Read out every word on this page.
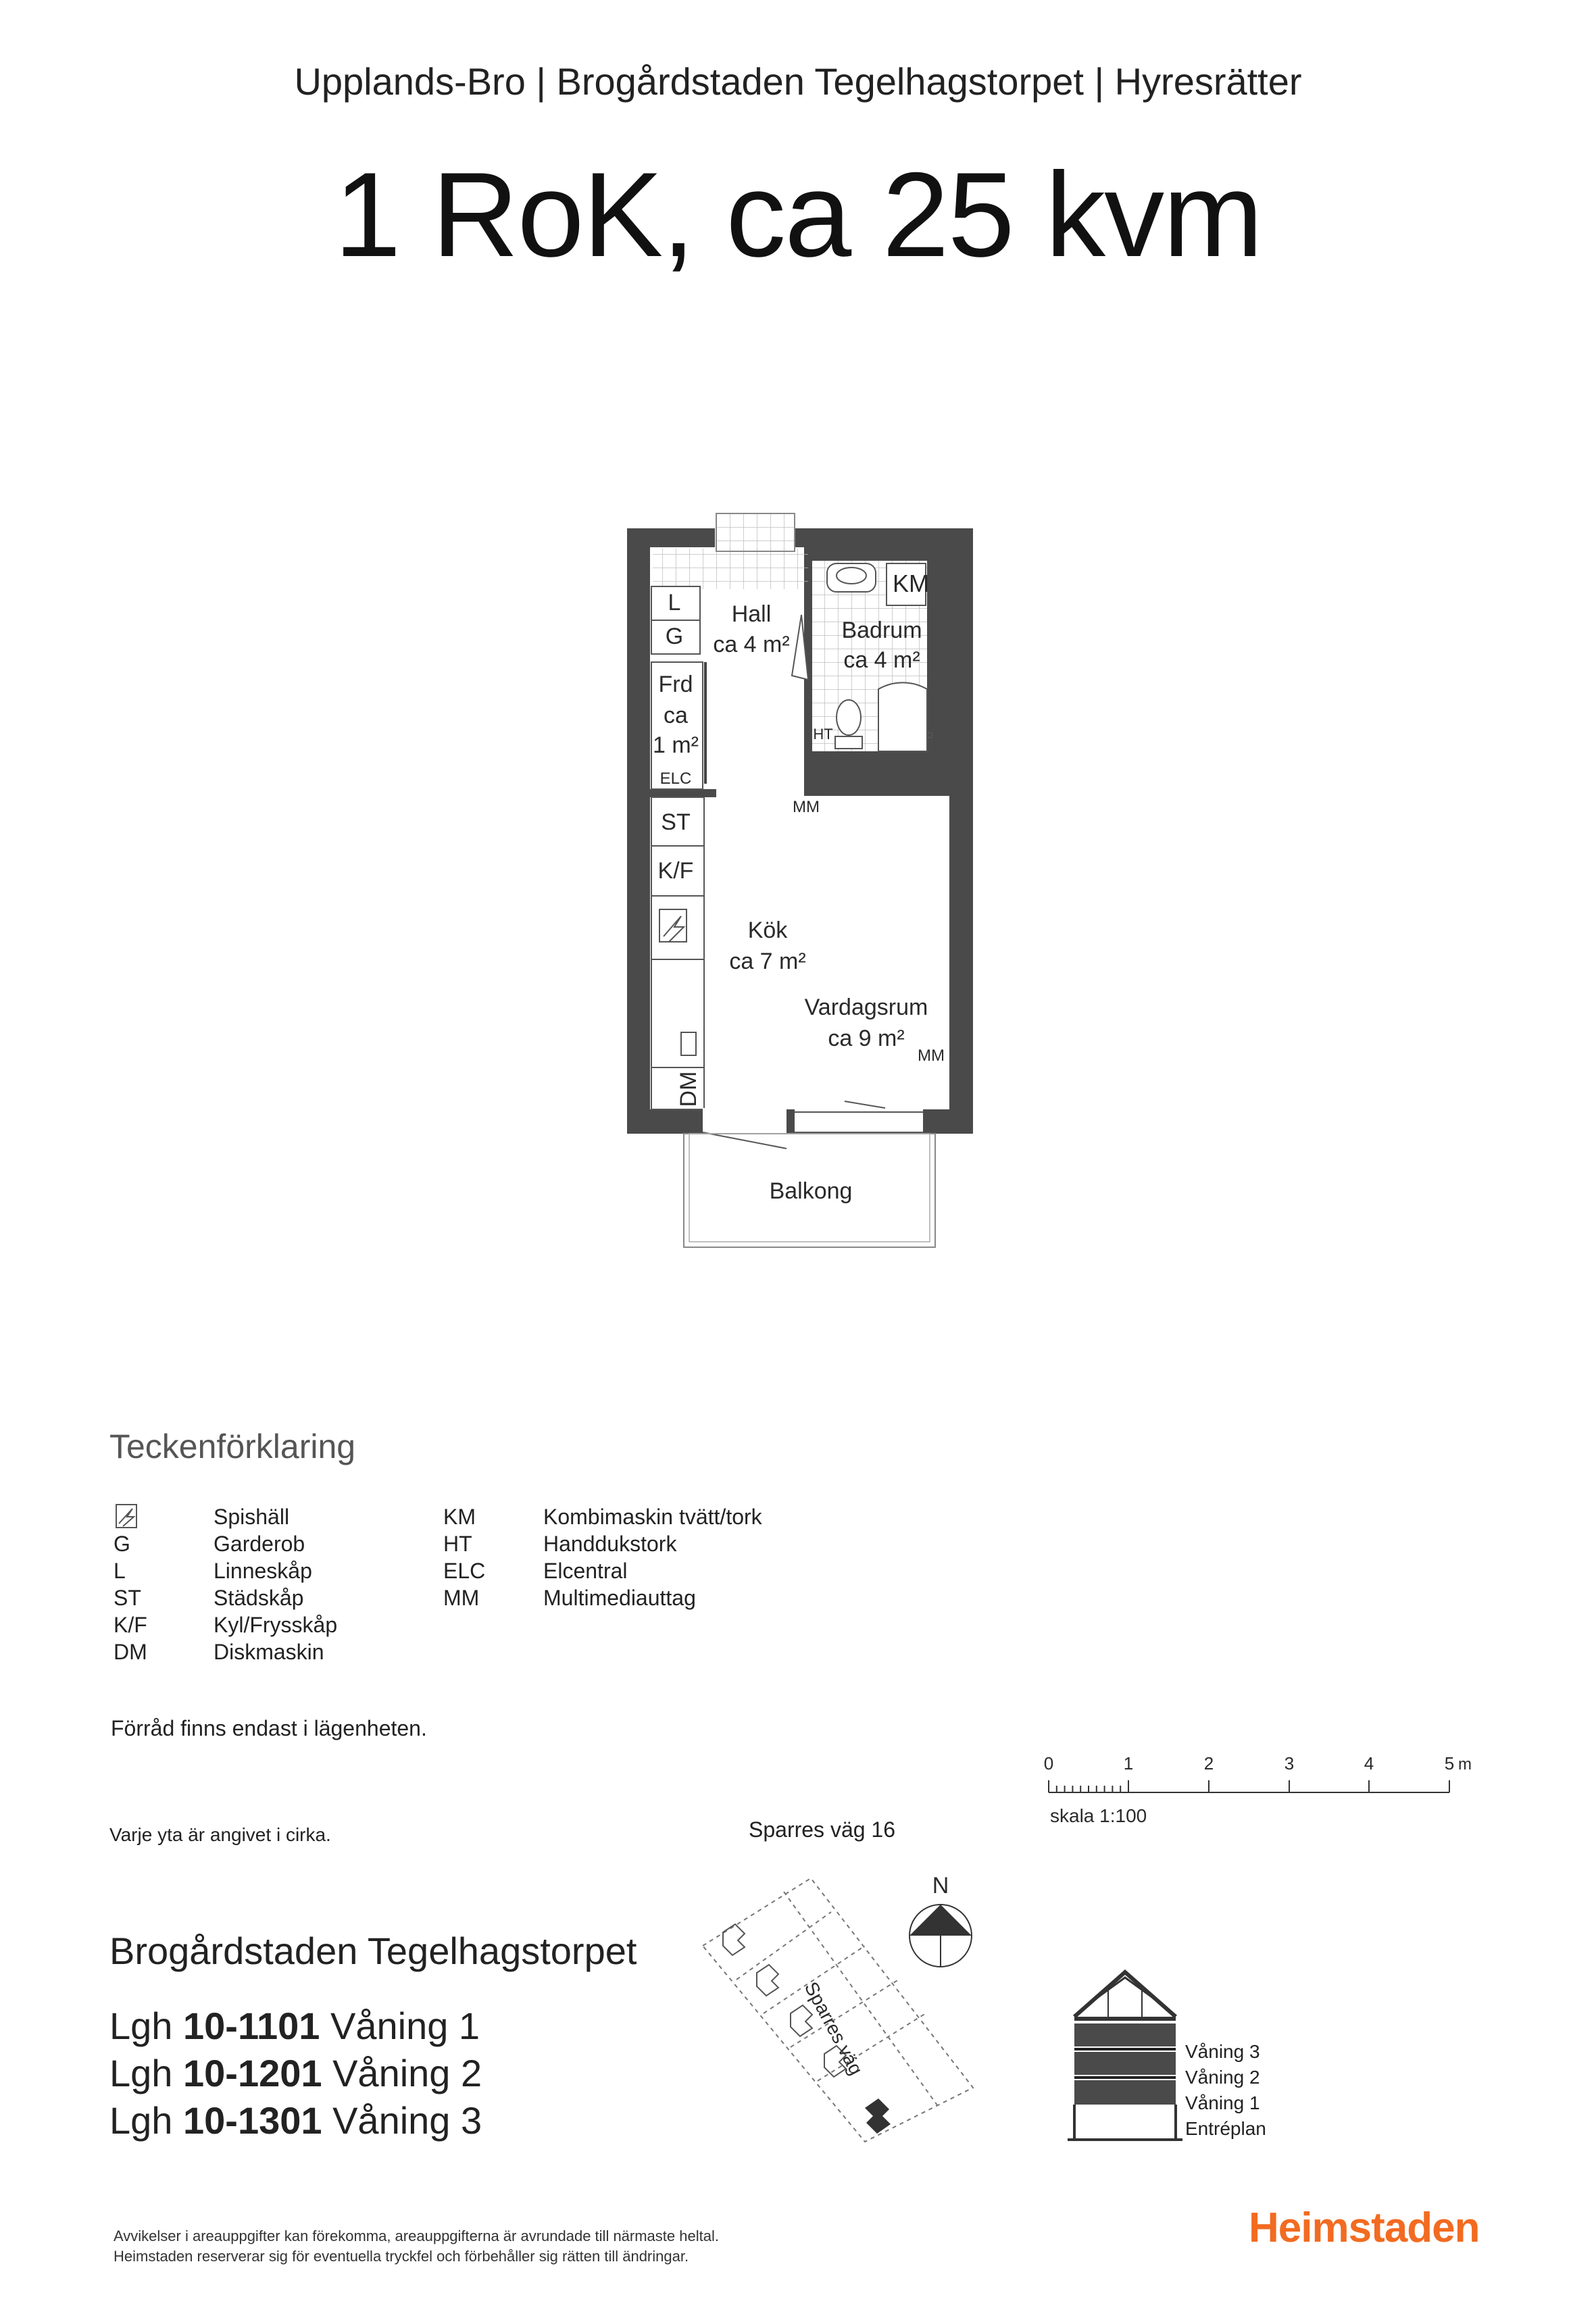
Upplands-Bro | Brogårdstaden Tegelhagstorpet | Hyresrätter
1 RoK, ca 25 kvm
L
G
Hall
ca 4 m²
KM
Badrum
ca 4 m²
HT
Frd
ca
1 m²
ELC
MM
ST
K/F
Kök
ca 7 m²
Vardagsrum
ca 9 m²
MM
DM
Balkong
Teckenförklaring
Spishäll
G	Garderob
L	Linneskåp
ST	Städskåp
K/F	Kyl/Frysskåp
DM	Diskmaskin
KM	Kombimaskin tvätt/tork
HT	Handdukstork
ELC	Elcentral
MM	Multimediauttag
Förråd finns endast i lägenheten.
Varje yta är angivet i cirka.
0	1	2	3	4	5 m
skala 1:100
Sparres väg 16
Sparres väg
N
Våning 3
Våning 2
Våning 1
Entréplan
Brogårdstaden Tegelhagstorpet
Lgh 10-1101 Våning 1
Lgh 10-1201 Våning 2
Lgh 10-1301 Våning 3
Avvikelser i areauppgifter kan förekomma, areauppgifterna är avrundade till närmaste heltal.
Heimstaden reserverar sig för eventuella tryckfel och förbehåller sig rätten till ändringar.
Heimstaden
